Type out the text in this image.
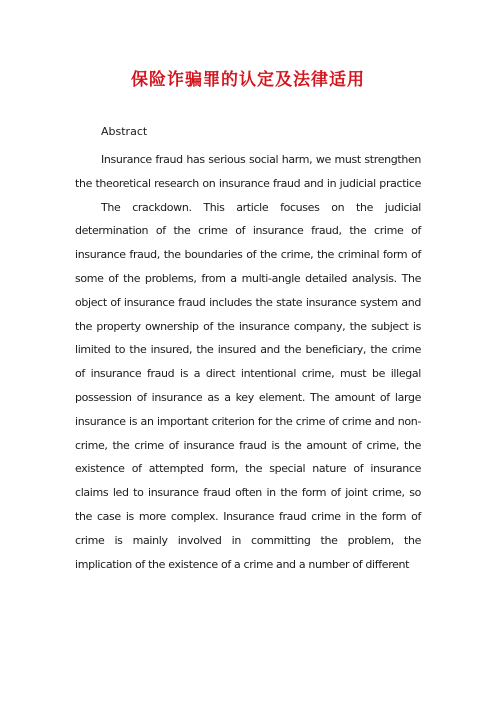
保险诈骗罪的认定及法律适用
Abstract

Insurance fraud has serious social harm, we must strengthen the theoretical research on insurance fraud and in judicial practice

The crackdown. This article focuses on the judicial determination of the crime of insurance fraud, the crime of insurance fraud, the boundaries of the crime, the criminal form of some of the problems, from a multi-angle detailed analysis. The object of insurance fraud includes the state insurance system and the property ownership of the insurance company, the subject is limited to the insured, the insured and the beneficiary, the crime of insurance fraud is a direct intentional crime, must be illegal possession of insurance as a key element. The amount of large insurance is an important criterion for the crime of crime and non-crime, the crime of insurance fraud is the amount of crime, the existence of attempted form, the special nature of insurance claims led to insurance fraud often in the form of joint crime, so the case is more complex. Insurance fraud crime in the form of crime is mainly involved in committing the problem, the implication of the existence of a crime and a number of different
